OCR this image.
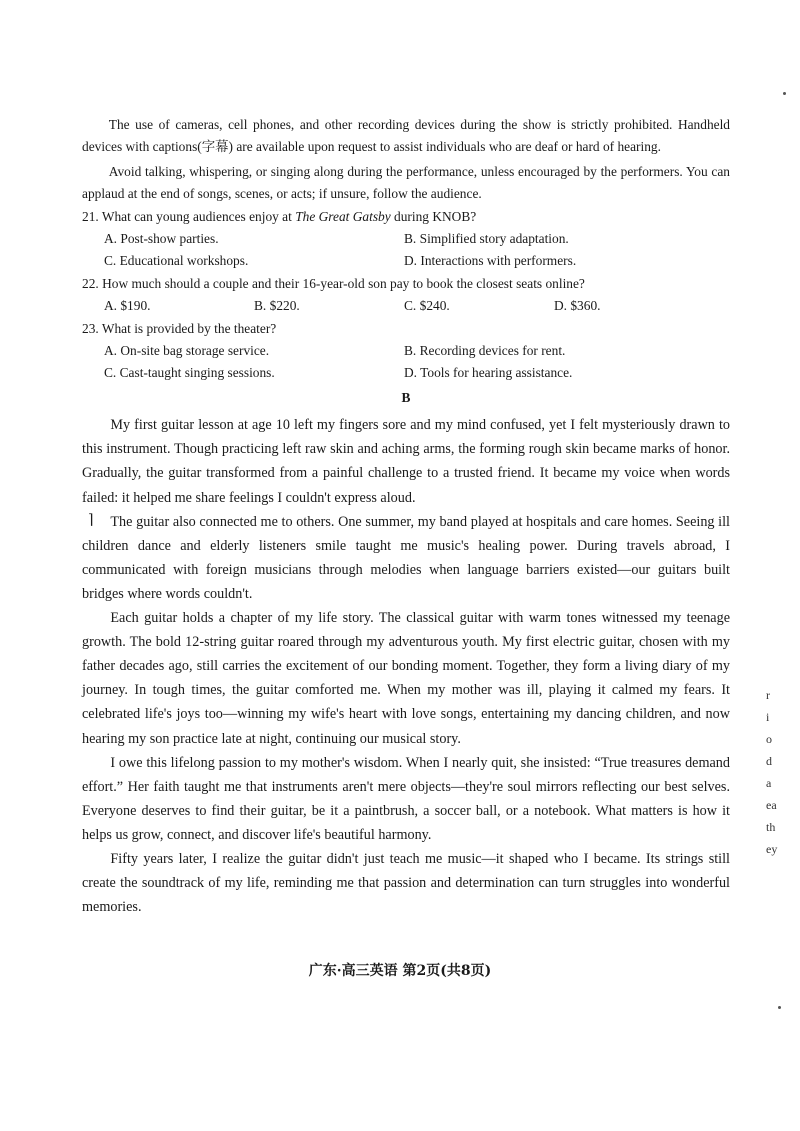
The use of cameras, cell phones, and other recording devices during the show is strictly prohibited. Handheld devices with captions(字幕) are available upon request to assist individuals who are deaf or hard of hearing.

Avoid talking, whispering, or singing along during the performance, unless encouraged by the performers. You can applaud at the end of songs, scenes, or acts; if unsure, follow the audience.

21. What can young audiences enjoy at The Great Gatsby during KNOB?

A. Post-show parties.	B. Simplified story adaptation.
C. Educational workshops.	D. Interactions with performers.

22. How much should a couple and their 16-year-old son pay to book the closest seats online?

A. $190.	B. $220.	C. $240.	D. $360.

23. What is provided by the theater?

A. On-site bag storage service.	B. Recording devices for rent.
C. Cast-taught singing sessions.	D. Tools for hearing assistance.
B

My first guitar lesson at age 10 left my fingers sore and my mind confused, yet I felt mysteriously drawn to this instrument. Though practicing left raw skin and aching arms, the forming rough skin became marks of honor. Gradually, the guitar transformed from a painful challenge to a trusted friend. It became my voice when words failed: it helped me share feelings I couldn't express aloud.

The guitar also connected me to others. One summer, my band played at hospitals and care homes. Seeing ill children dance and elderly listeners smile taught me music's healing power. During travels abroad, I communicated with foreign musicians through melodies when language barriers existed—our guitars built bridges where words couldn't.

Each guitar holds a chapter of my life story. The classical guitar with warm tones witnessed my teenage growth. The bold 12-string guitar roared through my adventurous youth. My first electric guitar, chosen with my father decades ago, still carries the excitement of our bonding moment. Together, they form a living diary of my journey. In tough times, the guitar comforted me. When my mother was ill, playing it calmed my fears. It celebrated life's joys too—winning my wife's heart with love songs, entertaining my dancing children, and now hearing my son practice late at night, continuing our musical story.

I owe this lifelong passion to my mother's wisdom. When I nearly quit, she insisted: “True treasures demand effort.” Her faith taught me that instruments aren't mere objects—they're soul mirrors reflecting our best selves. Everyone deserves to find their guitar, be it a paintbrush, a soccer ball, or a notebook. What matters is how it helps us grow, connect, and discover life's beautiful harmony.

Fifty years later, I realize the guitar didn't just teach me music—it shaped who I became. Its strings still create the soundtrack of my life, reminding me that passion and determination can turn struggles into wonderful memories.

⌉
r
i
o
d
a
ea
th
ey
广东·高三英语 第2页(共8页)
